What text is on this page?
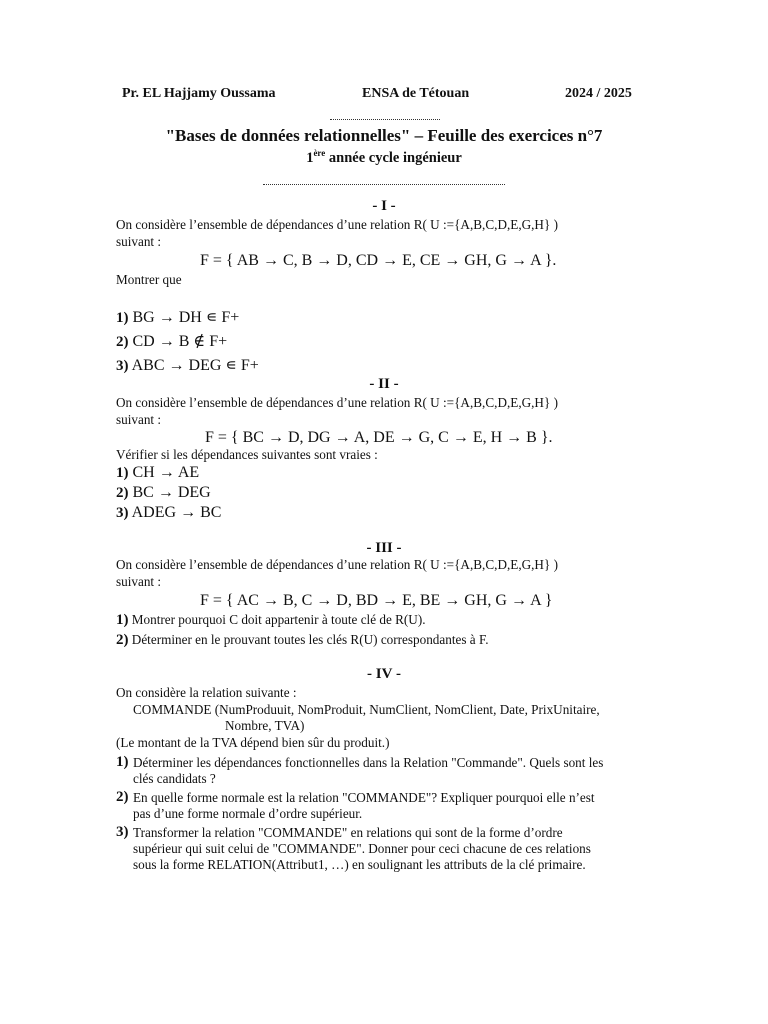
Pr. EL Hajjamy Oussama	ENSA de Tétouan	2024 / 2025
"Bases de données relationnelles" – Feuille des exercices n°7
1ère année cycle ingénieur
- I -
On considère l’ensemble de dépendances d’une relation R( U :={A,B,C,D,E,G,H} )
suivant :
F = { AB → C, B → D, CD → E, CE → GH, G → A }.
Montrer que
1) BG → DH ∊ F+
2) CD → B ∉ F+
3) ABC → DEG ∊ F+
- II -
On considère l’ensemble de dépendances d’une relation R( U :={A,B,C,D,E,G,H} )
suivant :
F = { BC → D, DG → A, DE → G, C → E, H → B }.
Vérifier si les dépendances suivantes sont vraies :
1) CH → AE
2) BC → DEG
3) ADEG → BC
- III -
On considère l’ensemble de dépendances d’une relation R( U :={A,B,C,D,E,G,H} )
suivant :
F = { AC → B, C → D, BD → E, BE → GH, G → A }
1) Montrer pourquoi C doit appartenir à toute clé de R(U).
2) Déterminer en le prouvant toutes les clés R(U) correspondantes à F.
- IV -
On considère la relation suivante :
COMMANDE (NumProduuit, NomProduit, NumClient, NomClient, Date, PrixUnitaire,
Nombre, TVA)
(Le montant de la TVA dépend bien sûr du produit.)
1) Déterminer les dépendances fonctionnelles dans la Relation "Commande". Quels sont les
clés candidats ?
2) En quelle forme normale est la relation "COMMANDE"? Expliquer pourquoi elle n’est
pas d’une forme normale d’ordre supérieur.
3) Transformer la relation "COMMANDE" en relations qui sont de la forme d’ordre
supérieur qui suit celui de "COMMANDE". Donner pour ceci chacune de ces relations
sous la forme RELATION(Attribut1, …) en soulignant les attributs de la clé primaire.
